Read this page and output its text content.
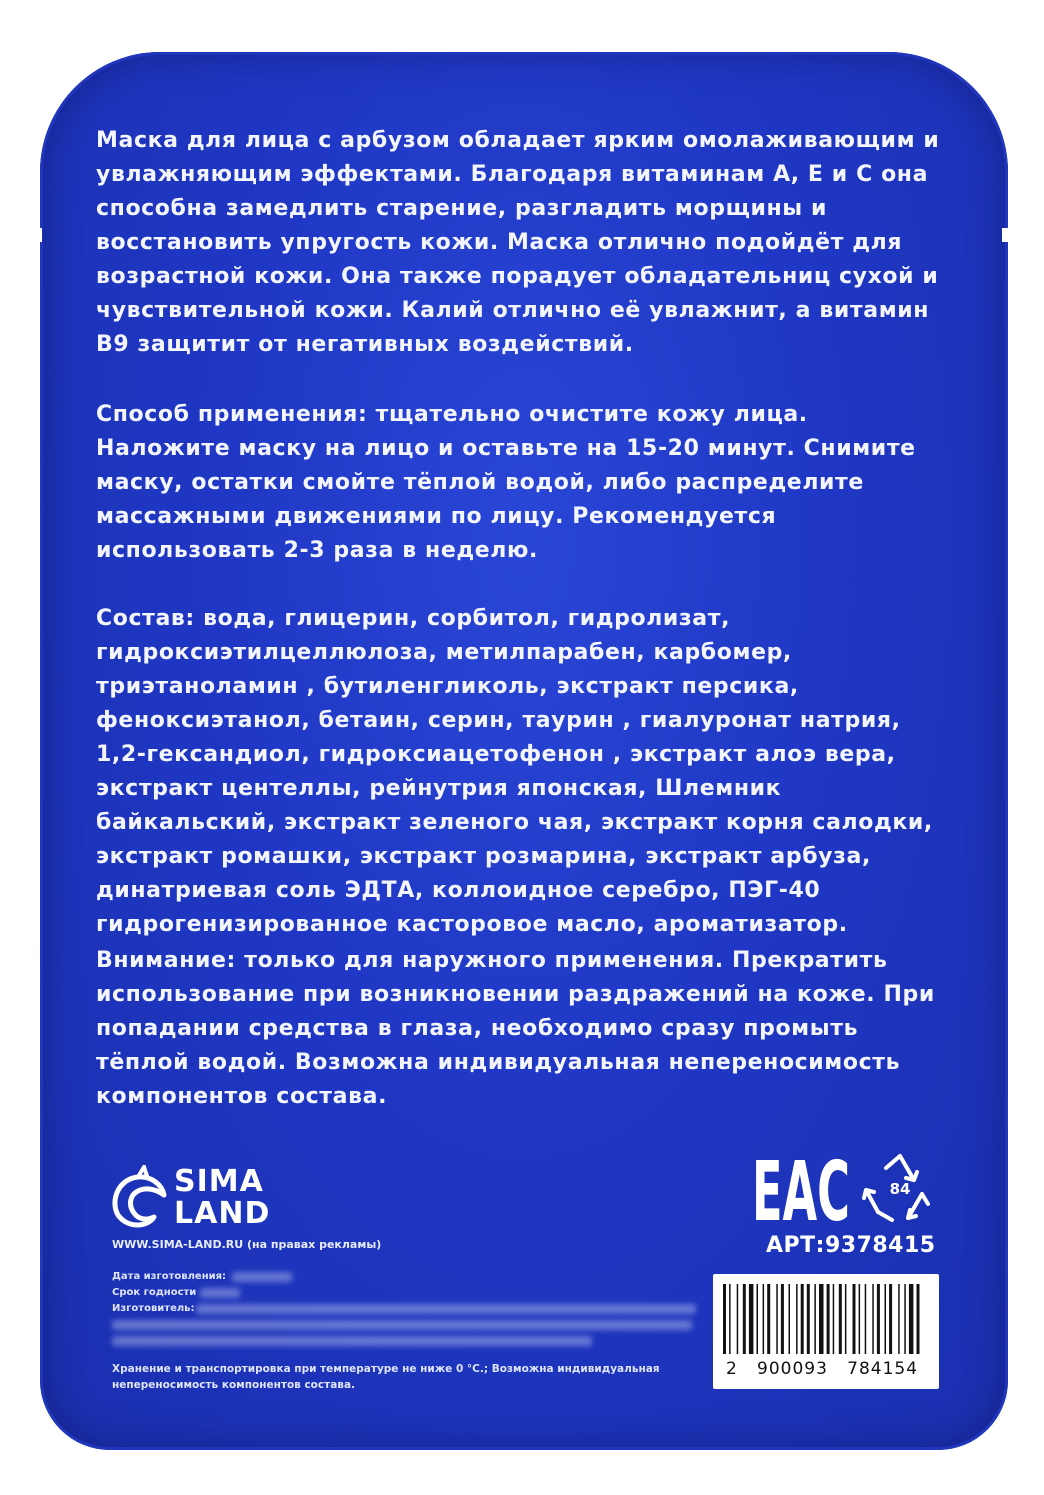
Маска для лица с арбузом обладает ярким омолаживающим и увлажняющим эффектами. Благодаря витаминам А, Е и С она способна замедлить старение, разгладить морщины и восстановить упругость кожи. Маска отлично подойдёт для возрастной кожи. Она также порадует обладательниц сухой и чувствительной кожи. Калий отлично её увлажнит, а витамин В9 защитит от негативных воздействий.

Способ применения: тщательно очистите кожу лица. Наложите маску на лицо и оставьте на 15-20 минут. Снимите маску, остатки смойте тёплой водой, либо распределите массажными движениями по лицу. Рекомендуется использовать 2-3 раза в неделю.

Состав: вода, глицерин, сорбитол, гидролизат, гидроксиэтилцеллюлоза, метилпарабен, карбомер, триэтаноламин , бутиленгликоль, экстракт персика, феноксиэтанол, бетаин, серин, таурин , гиалуронат натрия, 1,2-гександиол, гидроксиацетофенон , экстракт алоэ вера, экстракт центеллы, рейнутрия японская, Шлемник байкальский, экстракт зеленого чая, экстракт корня салодки, экстракт ромашки, экстракт розмарина, экстракт арбуза, динатриевая соль ЭДТА, коллоидное серебро, ПЭГ-40 гидрогенизированное касторовое масло, ароматизатор.

Внимание: только для наружного применения. Прекратить использование при возникновении раздражений на коже. При попадании средства в глаза, необходимо сразу промыть тёплой водой. Возможна индивидуальная непереносимость компонентов состава.

SIMA
LAND
WWW.SIMA-LAND.RU (на правах рекламы)
Дата изготовления:
Срок годности
Изготовитель:
Хранение и транспортировка при температуре не ниже 0 °С.; Возможна индивидуальная непереносимость компонентов состава.
EAC	84
АРТ:9378415
2   900093   784154
